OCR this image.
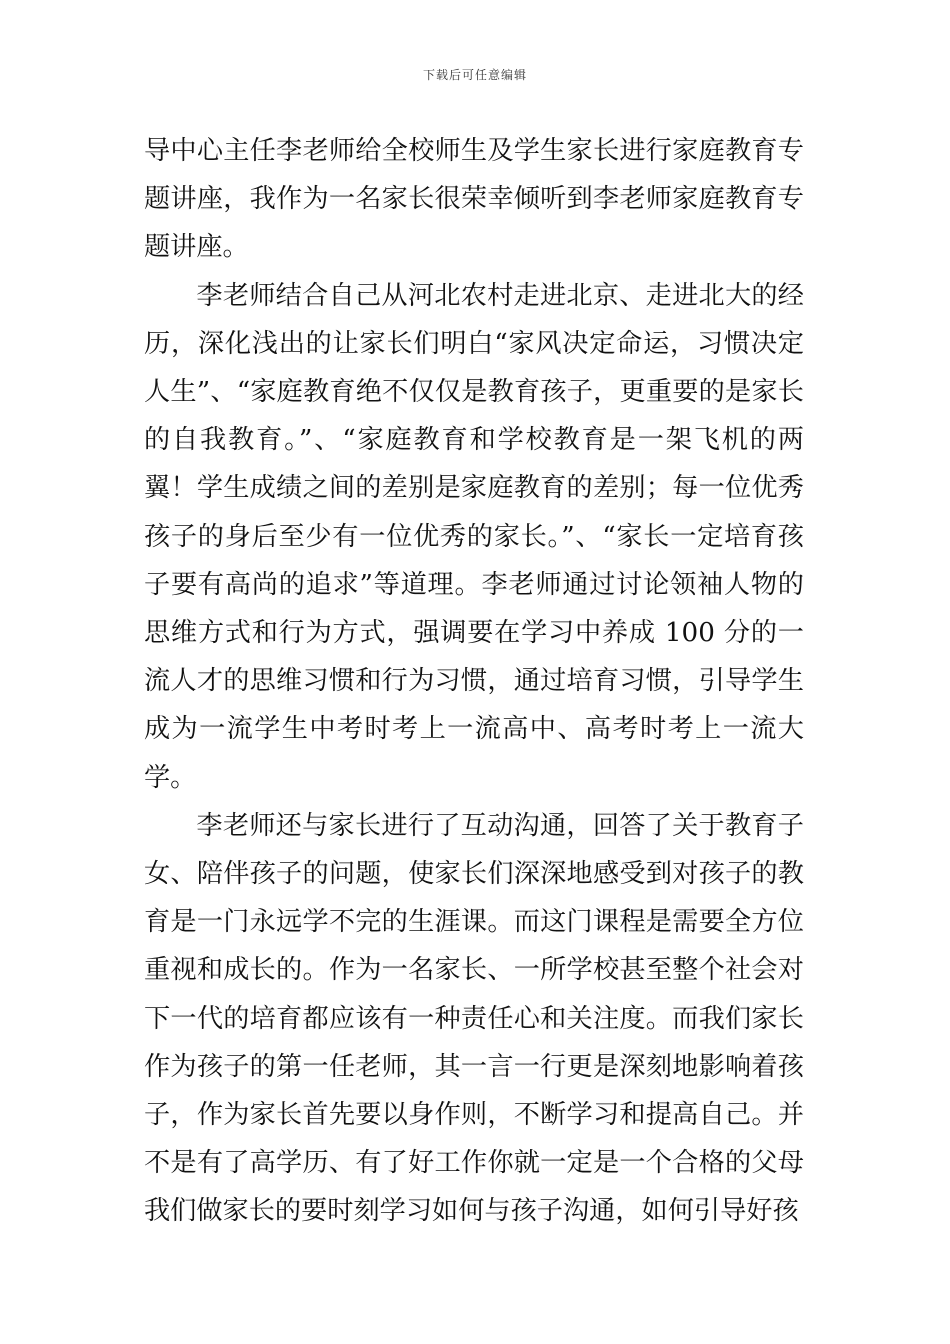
下载后可任意编辑

导中心主任李老师给全校师生及学生家长进行家庭教育专题讲座，我作为一名家长很荣幸倾听到李老师家庭教育专题讲座。

李老师结合自己从河北农村走进北京、走进北大的经历，深化浅出的让家长们明白“家风决定命运，习惯决定人生”、“家庭教育绝不仅仅是教育孩子，更重要的是家长的自我教育。”、“家庭教育和学校教育是一架飞机的两翼！学生成绩之间的差别是家庭教育的差别；每一位优秀孩子的身后至少有一位优秀的家长。”、“家长一定培育孩子要有高尚的追求”等道理。李老师通过讨论领袖人物的思维方式和行为方式，强调要在学习中养成 100 分的一流人才的思维习惯和行为习惯，通过培育习惯，引导学生成为一流学生中考时考上一流高中、高考时考上一流大学。

李老师还与家长进行了互动沟通，回答了关于教育子女、陪伴孩子的问题，使家长们深深地感受到对孩子的教育是一门永远学不完的生涯课。而这门课程是需要全方位重视和成长的。作为一名家长、一所学校甚至整个社会对下一代的培育都应该有一种责任心和关注度。而我们家长作为孩子的第一任老师，其一言一行更是深刻地影响着孩子，作为家长首先要以身作则，不断学习和提高自己。并不是有了高学历、有了好工作你就一定是一个合格的父母我们做家长的要时刻学习如何与孩子沟通，如何引导好孩
